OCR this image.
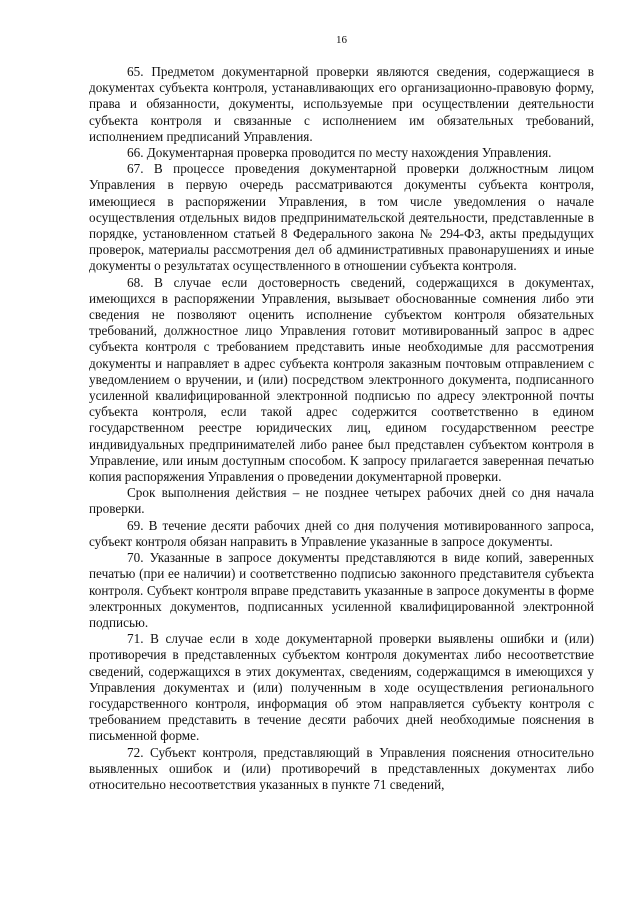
16

65. Предметом документарной проверки являются сведения, содержащиеся в документах субъекта контроля, устанавливающих его организационно-правовую форму, права и обязанности, документы, используемые при осуществлении деятельности субъекта контроля и связанные с исполнением им обязательных требований, исполнением предписаний Управления.

66. Документарная проверка проводится по месту нахождения Управления.

67. В процессе проведения документарной проверки должностным лицом Управления в первую очередь рассматриваются документы субъекта контроля, имеющиеся в распоряжении Управления, в том числе уведомления о начале осуществления отдельных видов предпринимательской деятельности, представленные в порядке, установленном статьей 8 Федерального закона № 294-ФЗ, акты предыдущих проверок, материалы рассмотрения дел об административных правонарушениях и иные документы о результатах осуществленного в отношении субъекта контроля.

68. В случае если достоверность сведений, содержащихся в документах, имеющихся в распоряжении Управления, вызывает обоснованные сомнения либо эти сведения не позволяют оценить исполнение субъектом контроля обязательных требований, должностное лицо Управления готовит мотивированный запрос в адрес субъекта контроля с требованием представить иные необходимые для рассмотрения документы и направляет в адрес субъекта контроля заказным почтовым отправлением с уведомлением о вручении, и (или) посредством электронного документа, подписанного усиленной квалифицированной электронной подписью по адресу электронной почты субъекта контроля, если такой адрес содержится соответственно в едином государственном реестре юридических лиц, едином государственном реестре индивидуальных предпринимателей либо ранее был представлен субъектом контроля в Управление, или иным доступным способом. К запросу прилагается заверенная печатью копия распоряжения Управления о проведении документарной проверки.

Срок выполнения действия – не позднее четырех рабочих дней со дня начала проверки.

69. В течение десяти рабочих дней со дня получения мотивированного запроса, субъект контроля обязан направить в Управление указанные в запросе документы.

70. Указанные в запросе документы представляются в виде копий, заверенных печатью (при ее наличии) и соответственно подписью законного представителя субъекта контроля. Субъект контроля вправе представить указанные в запросе документы в форме электронных документов, подписанных усиленной квалифицированной электронной подписью.

71. В случае если в ходе документарной проверки выявлены ошибки и (или) противоречия в представленных субъектом контроля документах либо несоответствие сведений, содержащихся в этих документах, сведениям, содержащимся в имеющихся у Управления документах и (или) полученным в ходе осуществления регионального государственного контроля, информация об этом направляется субъекту контроля с требованием представить в течение десяти рабочих дней необходимые пояснения в письменной форме.

72. Субъект контроля, представляющий в Управления пояснения относительно выявленных ошибок и (или) противоречий в представленных документах либо относительно несоответствия указанных в пункте 71 сведений,
